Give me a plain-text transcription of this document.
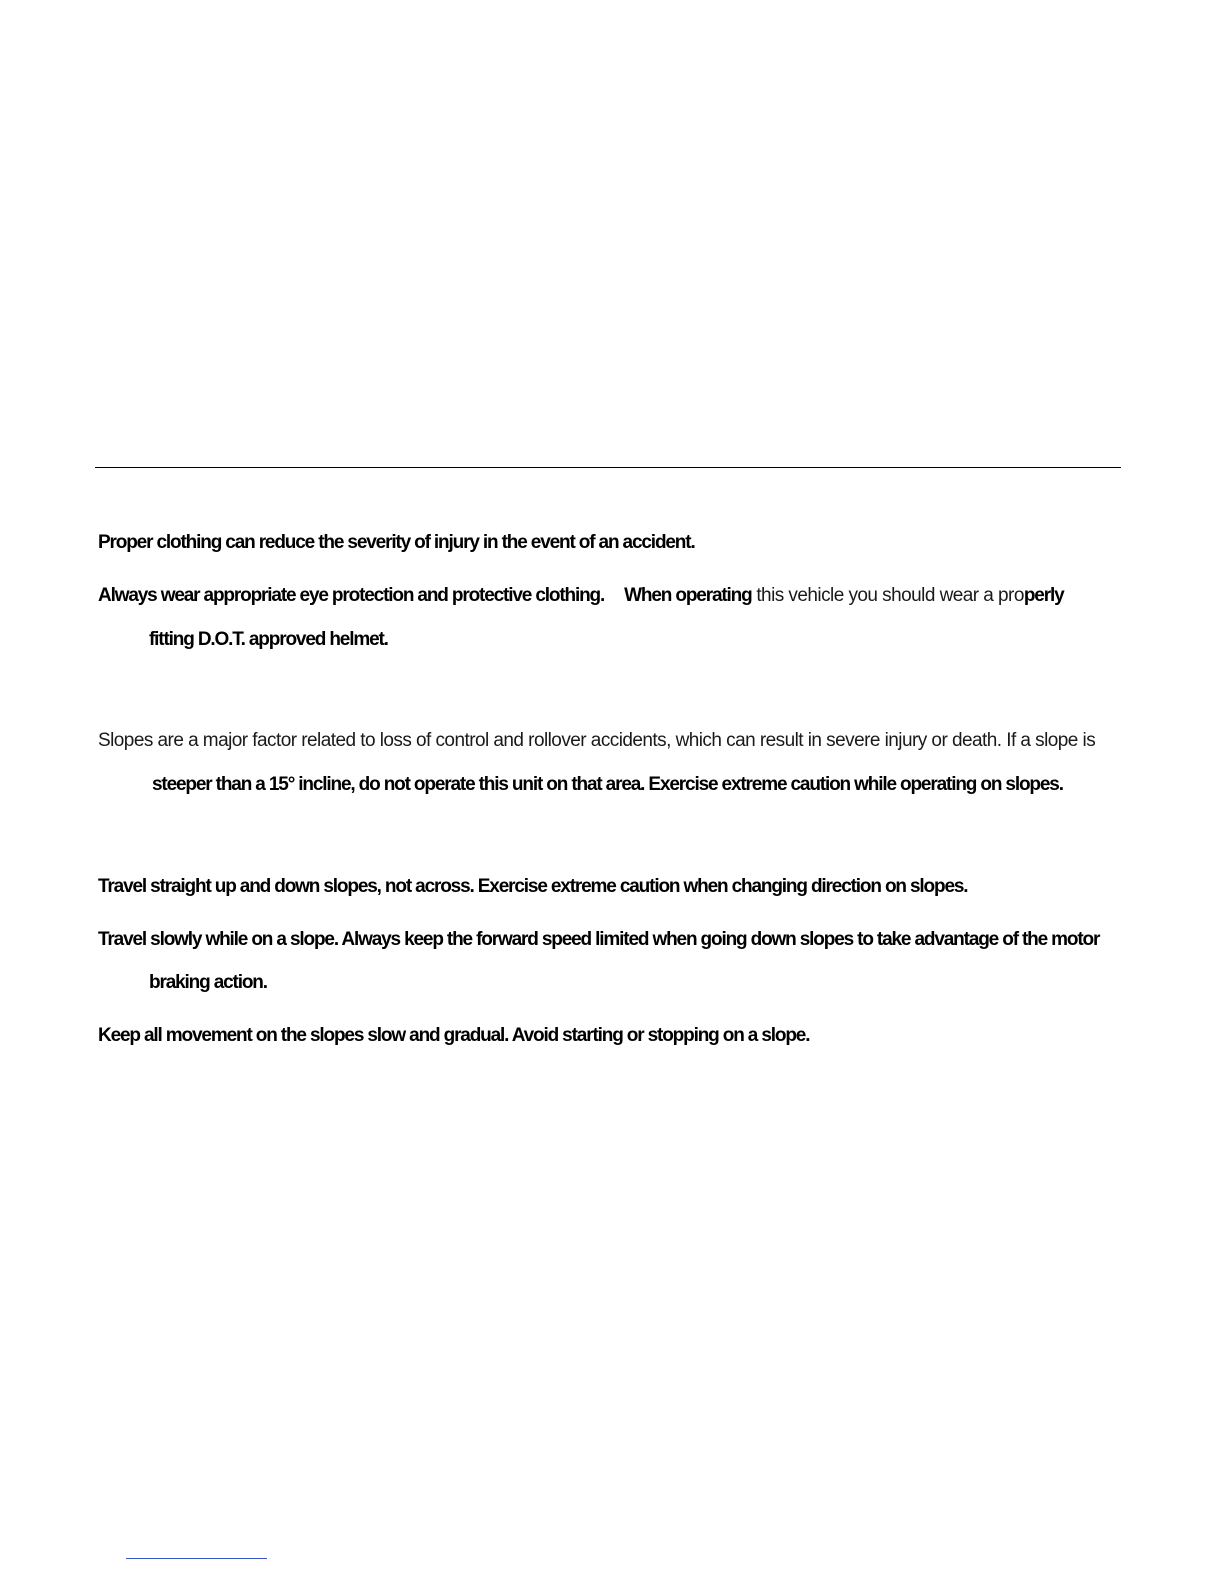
Proper clothing can reduce the severity of injury in the event of an accident.
Always wear appropriate eye protection and protective clothing. When operating this vehicle you should wear a properly
fitting D.O.T. approved helmet.
Slopes are a major factor related to loss of control and rollover accidents, which can result in severe injury or death. If a slope is
steeper than a 15° incline, do not operate this unit on that area. Exercise extreme caution while operating on slopes.
Travel straight up and down slopes, not across. Exercise extreme caution when changing direction on slopes.
Travel slowly while on a slope. Always keep the forward speed limited when going down slopes to take advantage of the motor
braking action.
Keep all movement on the slopes slow and gradual. Avoid starting or stopping on a slope.
